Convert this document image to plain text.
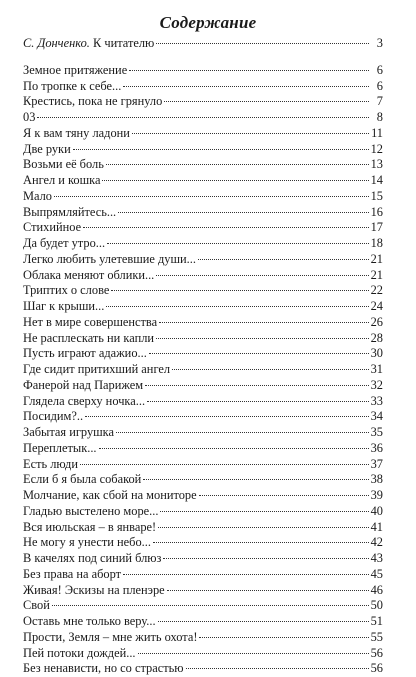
Содержание
С. Донченко. К читателю	3
Земное притяжение	6
По тропке к себе...	6
Крестись, пока не грянуло	7
03	8
Я к вам тяну ладони	11
Две руки	12
Возьми её боль	13
Ангел и кошка	14
Мало	15
Выпрямляйтесь...	16
Стихийное	17
Да будет утро...	18
Легко любить улетевшие души...	21
Облака меняют облики...	21
Триптих о слове	22
Шаг к крыши...	24
Нет в мире совершенства	26
Не расплескать ни капли	28
Пусть играют адажио...	30
Где сидит притихший ангел	31
Фанерой над Парижем	32
Глядела сверху ночка...	33
Посидим?..	34
Забытая игрушка	35
Переплетык...	36
Есть люди	37
Если б я была собакой	38
Молчание, как сбой на мониторе	39
Гладью выстелено море...	40
Вся июльская – в январе!	41
Не могу я унести небо...	42
В качелях под синий блюз	43
Без права на аборт	45
Живая! Эскизы на пленэре	46
Свой	50
Оставь мне только веру...	51
Прости, Земля – мне жить охота!	55
Пей потоки дождей...	56
Без ненависти, но со страстью	56
